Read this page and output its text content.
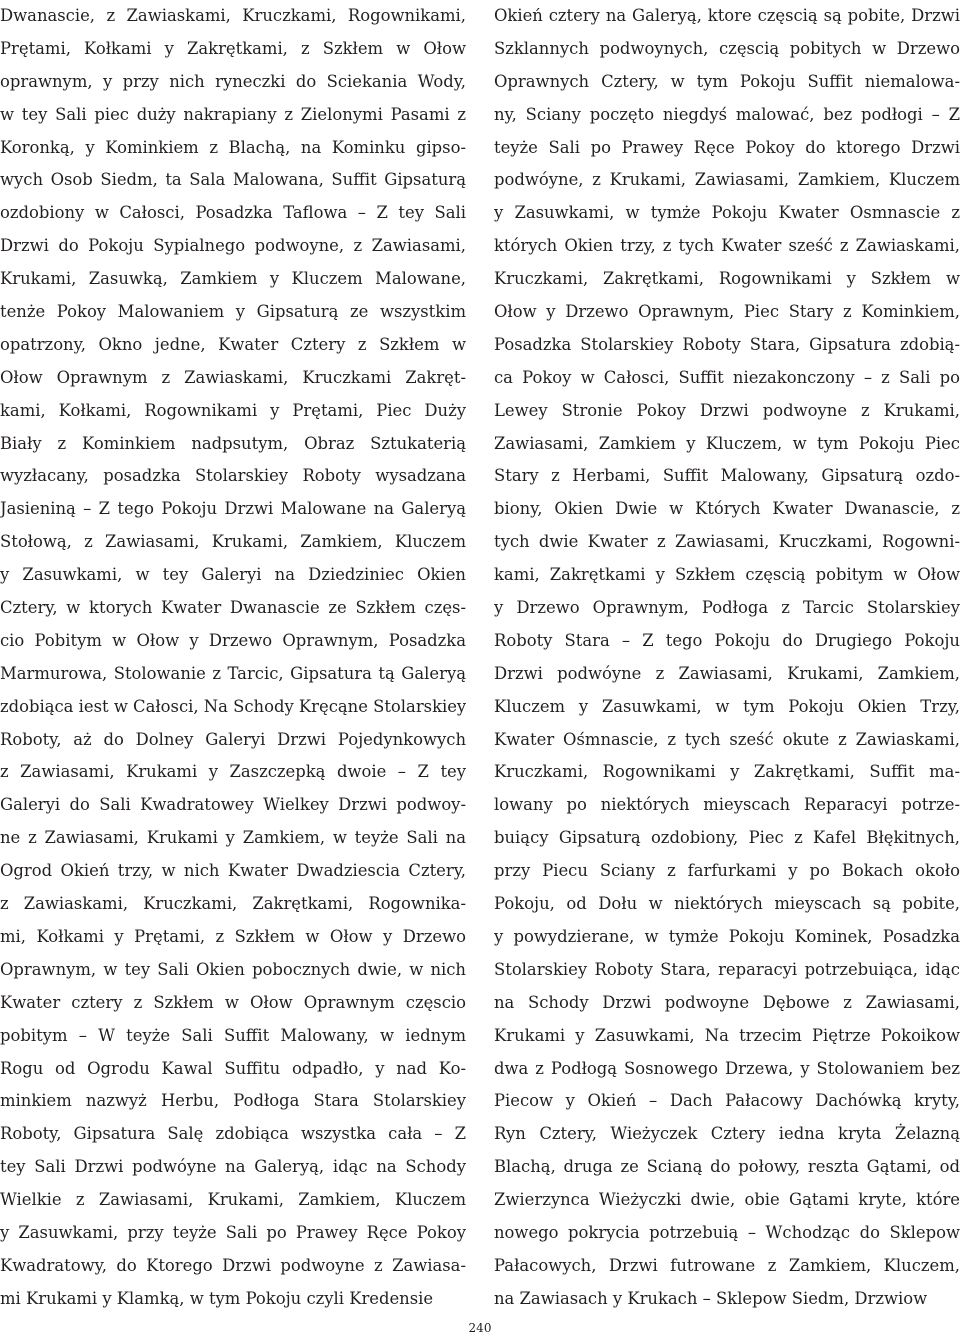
Dwanascie, z Zawiaskami, Kruczkami, Rogownikami,
Prętami, Kołkami y Zakrętkami, z Szkłem w Ołow
oprawnym, y przy nich ryneczki do Sciekania Wody,
w tey Sali piec duży nakrapiany z Zielonymi Pasami z
Koronką, y Kominkiem z Blachą, na Kominku gipso-
wych Osob Siedm, ta Sala Malowana, Suffit Gipsaturą
ozdobiony w Całosci, Posadzka Taflowa – Z tey Sali
Drzwi do Pokoju Sypialnego podwoyne, z Zawiasami,
Krukami, Zasuwką, Zamkiem y Kluczem Malowane,
tenże Pokoy Malowaniem y Gipsaturą ze wszystkim
opatrzony, Okno jedne, Kwater Cztery z Szkłem w
Ołow Oprawnym z Zawiaskami, Kruczkami Zakręt-
kami, Kołkami, Rogownikami y Prętami, Piec Duży
Biały z Kominkiem nadpsutym, Obraz Sztukaterią
wyzłacany, posadzka Stolarskiey Roboty wysadzana
Jasieniną – Z tego Pokoju Drzwi Malowane na Galeryą
Stołową, z Zawiasami, Krukami, Zamkiem, Kluczem
y Zasuwkami, w tey Galeryi na Dziedziniec Okien
Cztery, w ktorych Kwater Dwanascie ze Szkłem częs-
cio Pobitym w Ołow y Drzewo Oprawnym, Posadzka
Marmurowa, Stolowanie z Tarcic, Gipsatura tą Galeryą
zdobiąca iest w Całosci, Na Schody Kręcąne Stolarskiey
Roboty, aż do Dolney Galeryi Drzwi Pojedynkowych
z Zawiasami, Krukami y Zaszczepką dwoie – Z tey
Galeryi do Sali Kwadratowey Wielkey Drzwi podwoy-
ne z Zawiasami, Krukami y Zamkiem, w teyże Sali na
Ogrod Okień trzy, w nich Kwater Dwadziescia Cztery,
z Zawiaskami, Kruczkami, Zakrętkami, Rogownika-
mi, Kołkami y Prętami, z Szkłem w Ołow y Drzewo
Oprawnym, w tey Sali Okien pobocznych dwie, w nich
Kwater cztery z Szkłem w Ołow Oprawnym częscio
pobitym – W teyże Sali Suffit Malowany, w iednym
Rogu od Ogrodu Kawal Suffitu odpadło, y nad Ko-
minkiem nazwyż Herbu, Podłoga Stara Stolarskiey
Roboty, Gipsatura Salę zdobiąca wszystka cała – Z
tey Sali Drzwi podwóyne na Galeryą, idąc na Schody
Wielkie z Zawiasami, Krukami, Zamkiem, Kluczem
y Zasuwkami, przy teyże Sali po Prawey Ręce Pokoy
Kwadratowy, do Ktorego Drzwi podwoyne z Zawiasa-
mi Krukami y Klamką, w tym Pokoju czyli Kredensie
Okień cztery na Galeryą, ktore częscią są pobite, Drzwi
Szklannych podwoynych, częscią pobitych w Drzewo
Oprawnych Cztery, w tym Pokoju Suffit niemalowa-
ny, Sciany poczęto niegdyś malować, bez podłogi – Z
teyże Sali po Prawey Ręce Pokoy do ktorego Drzwi
podwóyne, z Krukami, Zawiasami, Zamkiem, Kluczem
y Zasuwkami, w tymże Pokoju Kwater Osmnascie z
których Okien trzy, z tych Kwater sześć z Zawiaskami,
Kruczkami, Zakrętkami, Rogownikami y Szkłem w
Ołow y Drzewo Oprawnym, Piec Stary z Kominkiem,
Posadzka Stolarskiey Roboty Stara, Gipsatura zdobią-
ca Pokoy w Całosci, Suffit niezakonczony – z Sali po
Lewey Stronie Pokoy Drzwi podwoyne z Krukami,
Zawiasami, Zamkiem y Kluczem, w tym Pokoju Piec
Stary z Herbami, Suffit Malowany, Gipsaturą ozdo-
biony, Okien Dwie w Których Kwater Dwanascie, z
tych dwie Kwater z Zawiasami, Kruczkami, Rogowni-
kami, Zakrętkami y Szkłem częscią pobitym w Ołow
y Drzewo Oprawnym, Podłoga z Tarcic Stolarskiey
Roboty Stara – Z tego Pokoju do Drugiego Pokoju
Drzwi podwóyne z Zawiasami, Krukami, Zamkiem,
Kluczem y Zasuwkami, w tym Pokoju Okien Trzy,
Kwater Ośmnascie, z tych sześć okute z Zawiaskami,
Kruczkami, Rogownikami y Zakrętkami, Suffit ma-
lowany po niektórych mieyscach Reparacyi potrze-
buiący Gipsaturą ozdobiony, Piec z Kafel Błękitnych,
przy Piecu Sciany z farfurkami y po Bokach około
Pokoju, od Dołu w niektórych mieyscach są pobite,
y powydzierane, w tymże Pokoju Kominek, Posadzka
Stolarskiey Roboty Stara, reparacyi potrzebuiąca, idąc
na Schody Drzwi podwoyne Dębowe z Zawiasami,
Krukami y Zasuwkami, Na trzecim Piętrze Pokoikow
dwa z Podłogą Sosnowego Drzewa, y Stolowaniem bez
Piecow y Okień – Dach Pałacowy Dachówką kryty,
Ryn Cztery, Wieżyczek Cztery iedna kryta Żelazną
Blachą, druga ze Scianą do połowy, reszta Gątami, od
Zwierzynca Wieżyczki dwie, obie Gątami kryte, które
nowego pokrycia potrzebuią – Wchodząc do Sklepow
Pałacowych, Drzwi futrowane z Zamkiem, Kluczem,
na Zawiasach y Krukach – Sklepow Siedm, Drzwiow
240
